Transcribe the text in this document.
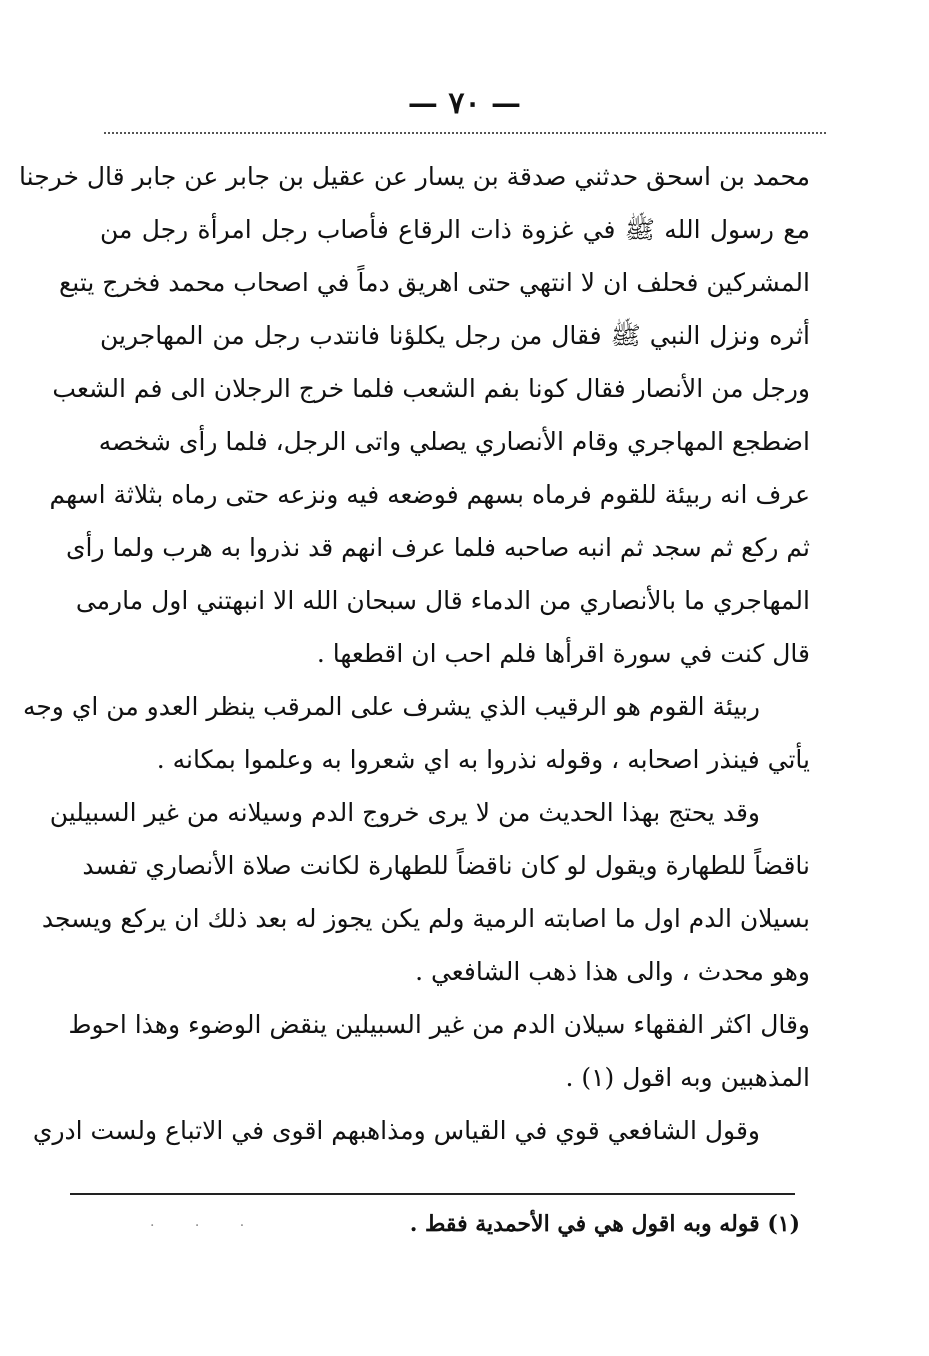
— ٧٠ —
محمد بن اسحق حدثني صدقة بن يسار عن عقيل بن جابر عن جابر قال خرجنا
مع رسول الله ﷺ في غزوة ذات الرقاع فأصاب رجل امرأة رجل من
المشركين فحلف ان لا انتهي حتى اهريق دماً في اصحاب محمد فخرج يتبع
أثره ونزل النبي ﷺ فقال من رجل يكلؤنا فانتدب رجل من المهاجرين
ورجل من الأنصار فقال كونا بفم الشعب فلما خرج الرجلان الى فم الشعب
اضطجع المهاجري وقام الأنصاري يصلي واتى الرجل، فلما رأى شخصه
عرف انه ربيئة للقوم فرماه بسهم فوضعه فيه ونزعه حتى رماه بثلاثة اسهم
ثم ركع ثم سجد ثم انبه صاحبه فلما عرف انهم قد نذروا به هرب ولما رأى
المهاجري ما بالأنصاري من الدماء قال سبحان الله الا انبهتني اول مارمى
قال كنت في سورة اقرأها فلم احب ان اقطعها .
ربيئة القوم هو الرقيب الذي يشرف على المرقب ينظر العدو من اي وجه
يأتي فينذر اصحابه ، وقوله نذروا به اي شعروا به وعلموا بمكانه .
وقد يحتج بهذا الحديث من لا يرى خروج الدم وسيلانه من غير السبيلين
ناقضاً للطهارة ويقول لو كان ناقضاً للطهارة لكانت صلاة الأنصاري تفسد
بسيلان الدم اول ما اصابته الرمية ولم يكن يجوز له بعد ذلك ان يركع ويسجد
وهو محدث ، والى هذا ذهب الشافعي .
وقال اكثر الفقهاء سيلان الدم من غير السبيلين ينقض الوضوء وهذا احوط
المذهبين وبه اقول (١) .
وقول الشافعي قوي في القياس ومذاهبهم اقوى في الاتباع ولست ادري
(١) قوله وبه اقول هي في الأحمدية فقط .
· · ·
